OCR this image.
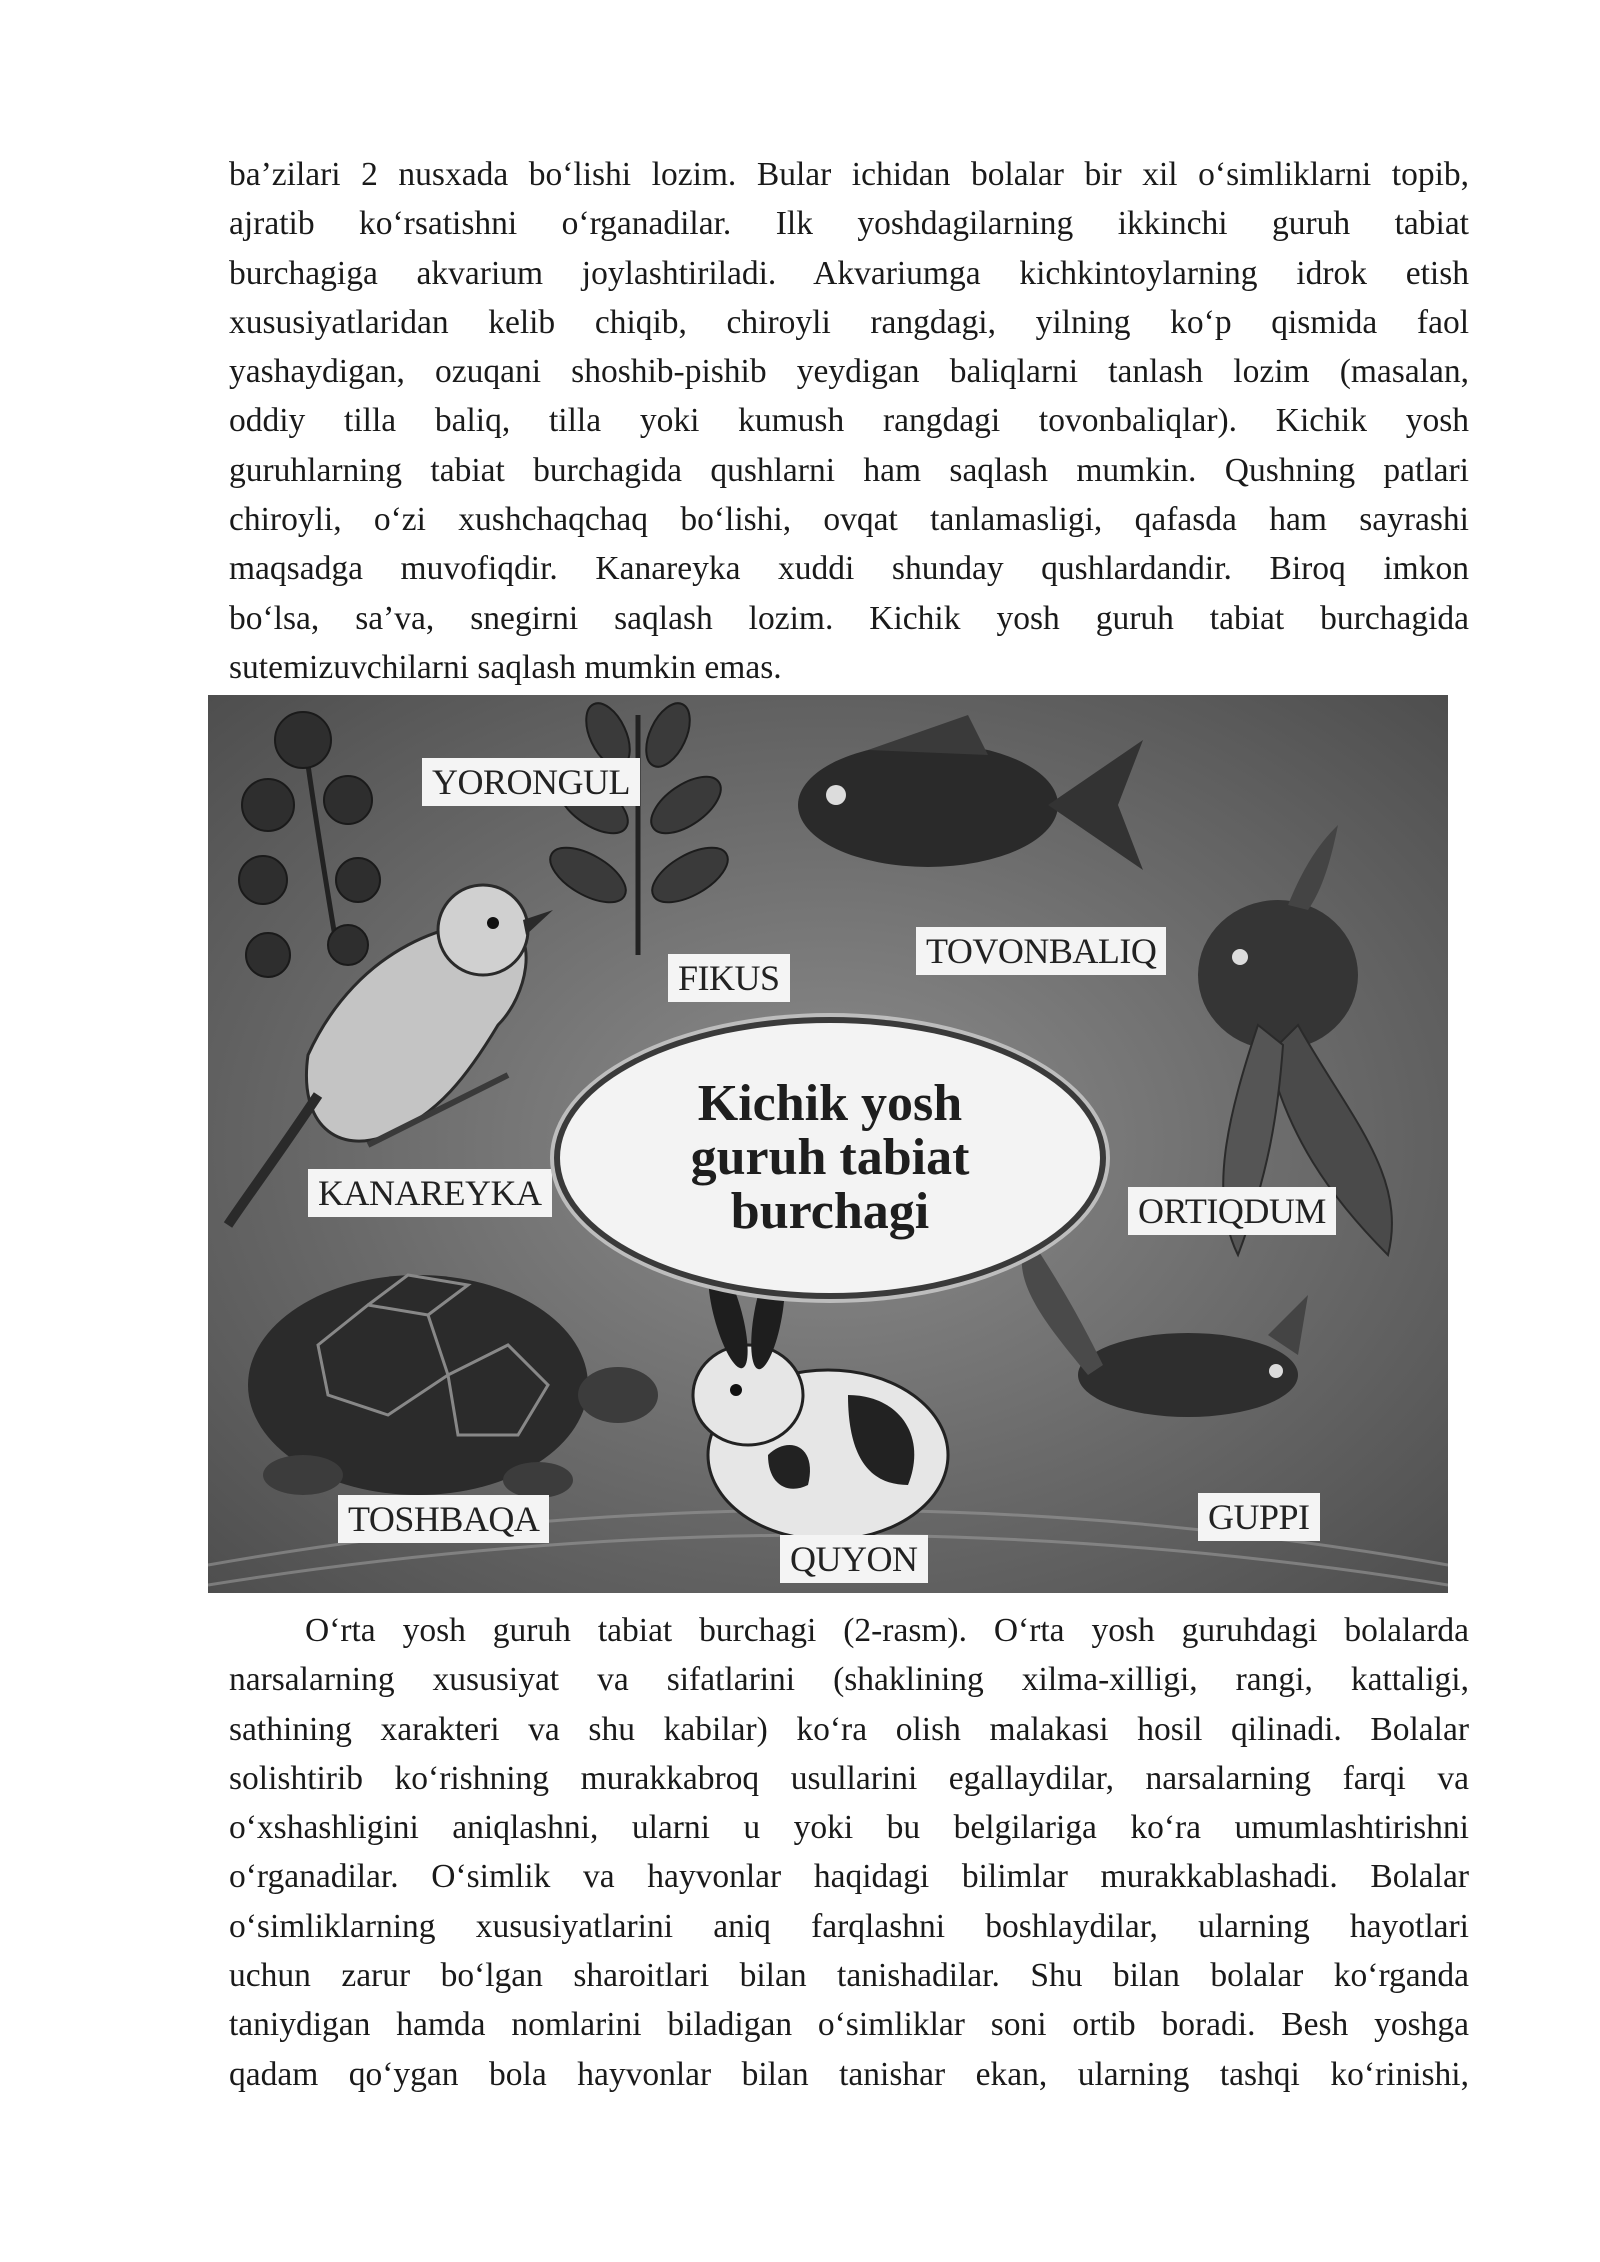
ba’zilari 2 nusxada bo‘lishi lozim. Bular ichidan bolalar bir xil o‘simliklarni topib,
ajratib ko‘rsatishni o‘rganadilar. Ilk yoshdagilarning ikkinchi guruh tabiat
burchagiga akvarium joylashtiriladi. Akvariumga kichkintoylarning idrok etish
xususiyatlaridan kelib chiqib, chiroyli rangdagi, yilning ko‘p qismida faol
yashaydigan, ozuqani shoshib-pishib yeydigan baliqlarni tanlash lozim (masalan,
oddiy tilla baliq, tilla yoki kumush rangdagi tovonbaliqlar). Kichik yosh
guruhlarning tabiat burchagida qushlarni ham saqlash mumkin. Qushning patlari
chiroyli, o‘zi xushchaqchaq bo‘lishi, ovqat tanlamasligi, qafasda ham sayrashi
maqsadga muvofiqdir. Kanareyka xuddi shunday qushlardandir. Biroq imkon
bo‘lsa, sa’va, snegirni saqlash lozim. Kichik yosh guruh tabiat burchagida
sutemizuvchilarni saqlash mumkin emas.
YORONGUL
FIKUS
TOVONBALIQ
KANAREYKA	ORTIQDUM
TOSHBAQA
QUYON
GUPPI
Kichik yosh
guruh tabiat
burchagi
O‘rta yosh guruh tabiat burchagi (2-rasm). O‘rta yosh guruhdagi bolalarda
narsalarning xususiyat va sifatlarini (shaklining xilma-xilligi, rangi, kattaligi,
sathining xarakteri va shu kabilar) ko‘ra olish malakasi hosil qilinadi. Bolalar
solishtirib ko‘rishning murakkabroq usullarini egallaydilar, narsalarning farqi va
o‘xshashligini aniqlashni, ularni u yoki bu belgilariga ko‘ra umumlashtirishni
o‘rganadilar. O‘simlik va hayvonlar haqidagi bilimlar murakkablashadi. Bolalar
o‘simliklarning xususiyatlarini aniq farqlashni boshlaydilar, ularning hayotlari
uchun zarur bo‘lgan sharoitlari bilan tanishadilar. Shu bilan bolalar ko‘rganda
taniydigan hamda nomlarini biladigan o‘simliklar soni ortib boradi. Besh yoshga
qadam qo‘ygan bola hayvonlar bilan tanishar ekan, ularning tashqi ko‘rinishi,
